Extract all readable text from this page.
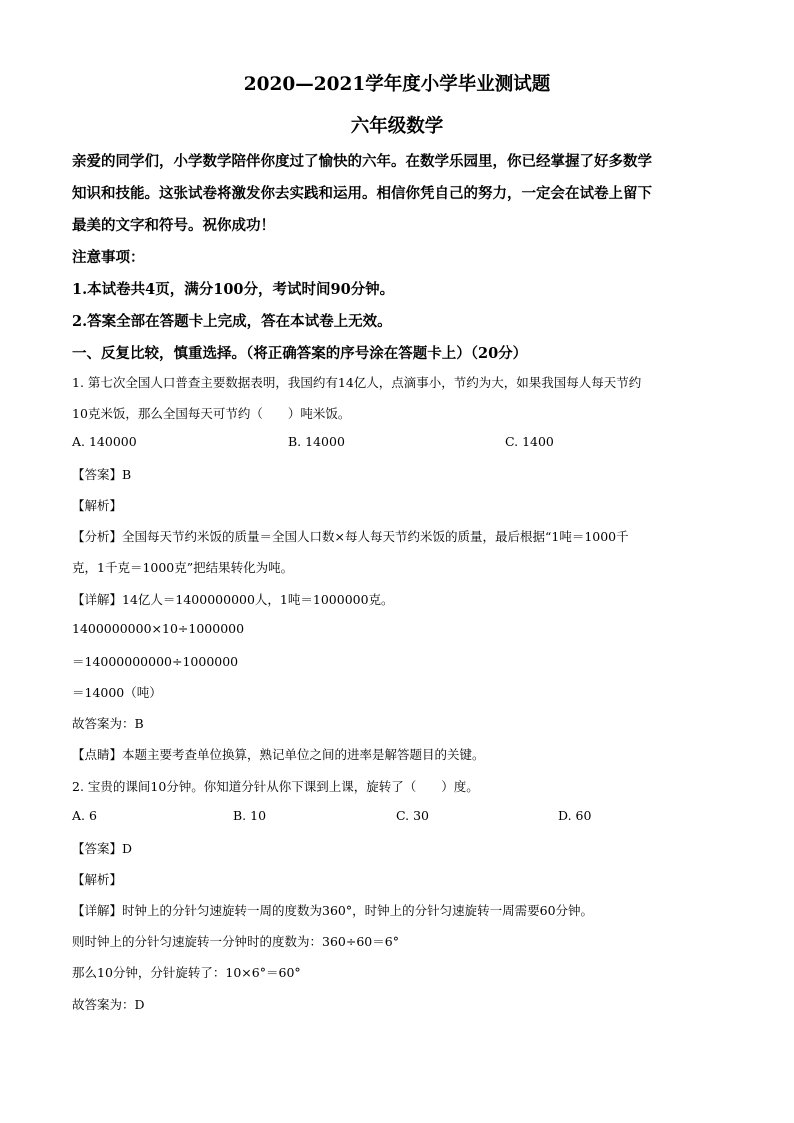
2020—2021学年度小学毕业测试题
六年级数学
亲爱的同学们，小学数学陪伴你度过了愉快的六年。在数学乐园里，你已经掌握了好多数学
知识和技能。这张试卷将激发你去实践和运用。相信你凭自己的努力，一定会在试卷上留下
最美的文字和符号。祝你成功！
注意事项：
1.本试卷共4页，满分100分，考试时间90分钟。
2.答案全部在答题卡上完成，答在本试卷上无效。
一、反复比较，慎重选择。（将正确答案的序号涂在答题卡上）（20分）
1. 第七次全国人口普查主要数据表明，我国约有14亿人，点滴事小，节约为大，如果我国每人每天节约
10克米饭，那么全国每天可节约（　　）吨米饭。
A. 140000	B. 14000	C. 1400
【答案】B
【解析】
【分析】全国每天节约米饭的质量＝全国人口数×每人每天节约米饭的质量，最后根据“1吨＝1000千
克，1千克＝1000克”把结果转化为吨。
【详解】14亿人＝1400000000人，1吨＝1000000克。
1400000000×10÷1000000
＝14000000000÷1000000
＝14000（吨）
故答案为：B
【点睛】本题主要考查单位换算，熟记单位之间的进率是解答题目的关键。
2. 宝贵的课间10分钟。你知道分针从你下课到上课，旋转了（　　）度。
A. 6	B. 10	C. 30	D. 60
【答案】D
【解析】
【详解】时钟上的分针匀速旋转一周的度数为360°，时钟上的分针匀速旋转一周需要60分钟。
则时钟上的分针匀速旋转一分钟时的度数为：360÷60＝6°
那么10分钟，分针旋转了：10×6°＝60°
故答案为：D
